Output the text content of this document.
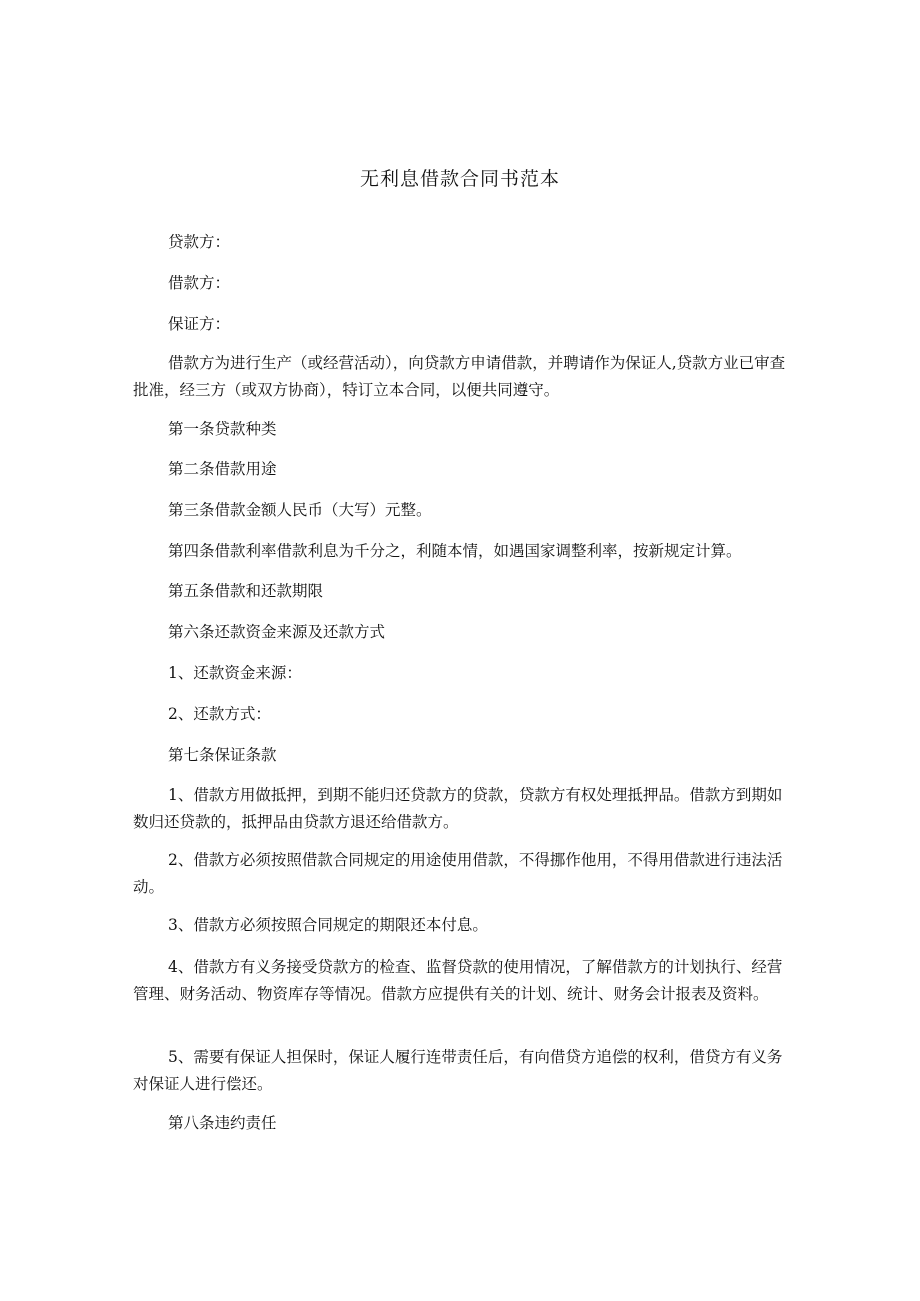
无利息借款合同书范本

贷款方：

借款方：

保证方：

借款方为进行生产（或经营活动），向贷款方申请借款，并聘请作为保证人,贷款方业已审查批准，经三方（或双方协商），特订立本合同，以便共同遵守。

第一条贷款种类

第二条借款用途

第三条借款金额人民币（大写）元整。

第四条借款利率借款利息为千分之，利随本情，如遇国家调整利率，按新规定计算。

第五条借款和还款期限

第六条还款资金来源及还款方式

1、还款资金来源：

2、还款方式：

第七条保证条款

1、借款方用做抵押，到期不能归还贷款方的贷款，贷款方有权处理抵押品。借款方到期如数归还贷款的，抵押品由贷款方退还给借款方。

2、借款方必须按照借款合同规定的用途使用借款，不得挪作他用，不得用借款进行违法活动。

3、借款方必须按照合同规定的期限还本付息。

4、借款方有义务接受贷款方的检查、监督贷款的使用情况，了解借款方的计划执行、经营管理、财务活动、物资库存等情况。借款方应提供有关的计划、统计、财务会计报表及资料。

5、需要有保证人担保时，保证人履行连带责任后，有向借贷方追偿的权利，借贷方有义务对保证人进行偿还。

第八条违约责任
